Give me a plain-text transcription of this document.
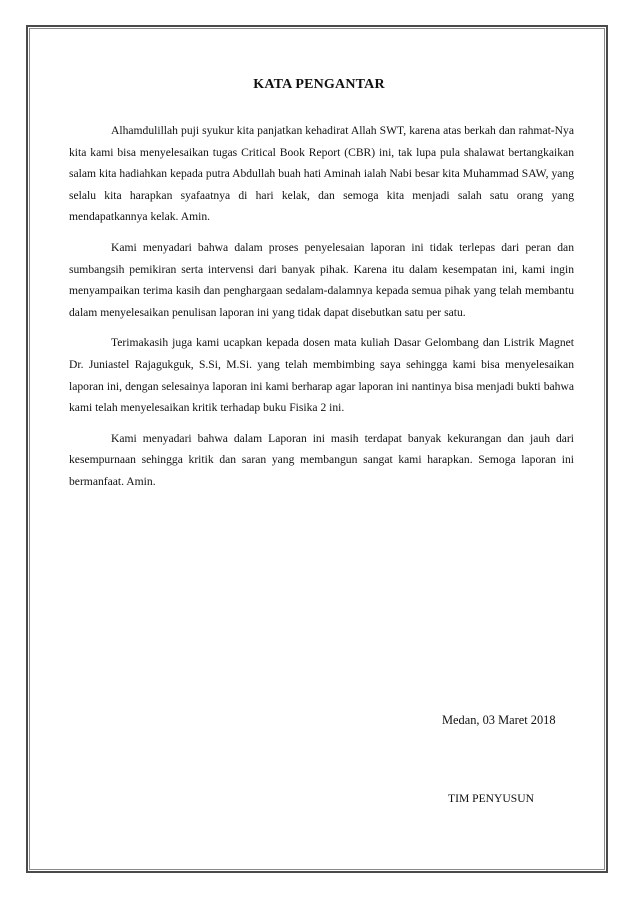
KATA PENGANTAR

Alhamdulillah puji syukur kita panjatkan kehadirat Allah SWT, karena atas berkah dan rahmat-Nya kita kami bisa menyelesaikan tugas Critical Book Report (CBR) ini, tak lupa pula shalawat bertangkaikan salam kita hadiahkan kepada putra Abdullah buah hati Aminah ialah Nabi besar kita Muhammad SAW, yang selalu kita harapkan syafaatnya di hari kelak, dan semoga kita menjadi salah satu orang yang mendapatkannya kelak. Amin.

Kami menyadari bahwa dalam proses penyelesaian laporan ini tidak terlepas dari peran dan sumbangsih pemikiran serta intervensi dari banyak pihak. Karena itu dalam kesempatan ini, kami ingin menyampaikan terima kasih dan penghargaan sedalam-dalamnya kepada semua pihak yang telah membantu dalam menyelesaikan penulisan laporan ini yang tidak dapat disebutkan satu per satu.

Terimakasih juga kami ucapkan kepada dosen mata kuliah Dasar Gelombang dan Listrik Magnet Dr. Juniastel Rajagukguk, S.Si, M.Si. yang telah membimbing saya sehingga kami bisa menyelesaikan laporan ini, dengan selesainya laporan ini kami berharap agar laporan ini nantinya bisa menjadi bukti bahwa kami telah menyelesaikan kritik terhadap buku Fisika 2 ini.

Kami menyadari bahwa dalam Laporan ini masih terdapat banyak kekurangan dan jauh dari kesempurnaan sehingga kritik dan saran yang membangun sangat kami harapkan. Semoga laporan ini bermanfaat. Amin.

Medan, 03 Maret 2018
TIM PENYUSUN
